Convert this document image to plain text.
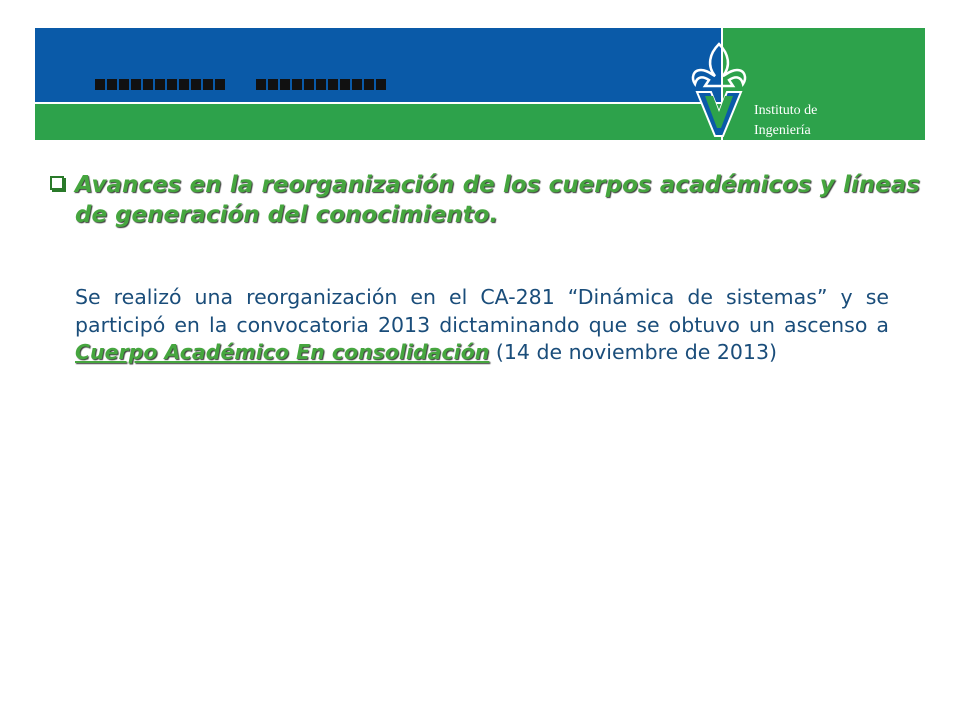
Instituto de Ingeniería
Avances en la reorganización de los cuerpos académicos y líneas de generación del conocimiento.
Se realizó una reorganización en el CA-281 “Dinámica de sistemas” y se participó en la convocatoria 2013 dictaminando que se obtuvo un ascenso a Cuerpo Académico En consolidación (14 de noviembre de 2013)
